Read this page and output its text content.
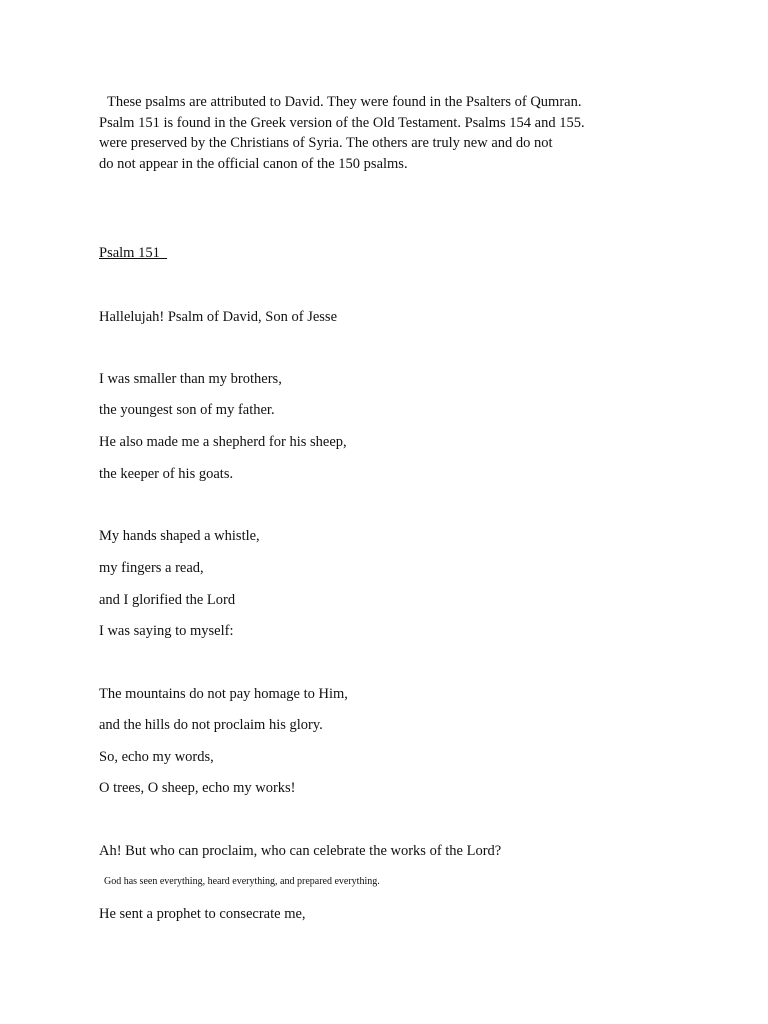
These psalms are attributed to David. They were found in the Psalters of Qumran.
Psalm 151 is found in the Greek version of the Old Testament. Psalms 154 and 155.
were preserved by the Christians of Syria. The others are truly new and do not
do not appear in the official canon of the 150 psalms.
Psalm 151
Hallelujah! Psalm of David, Son of Jesse
I was smaller than my brothers,
the youngest son of my father.
He also made me a shepherd for his sheep,
the keeper of his goats.
My hands shaped a whistle,
my fingers a read,
and I glorified the Lord
I was saying to myself:
The mountains do not pay homage to Him,
and the hills do not proclaim his glory.
So, echo my words,
O trees, O sheep, echo my works!
Ah! But who can proclaim, who can celebrate the works of the Lord?
God has seen everything, heard everything, and prepared everything.
He sent a prophet to consecrate me,
